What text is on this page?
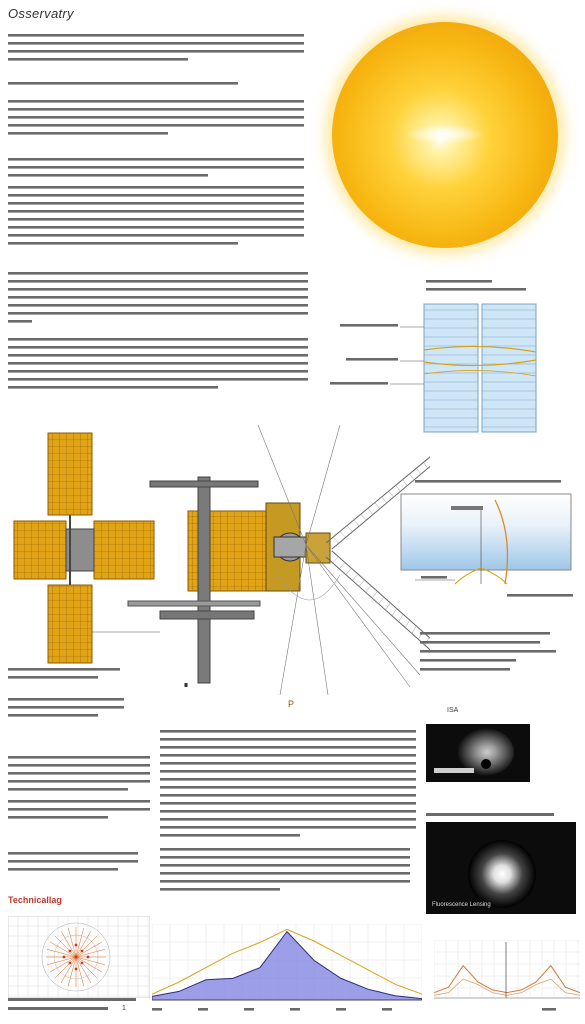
Osservatry
P
ISA
Fluorescence Lensing
Technicallag
1
